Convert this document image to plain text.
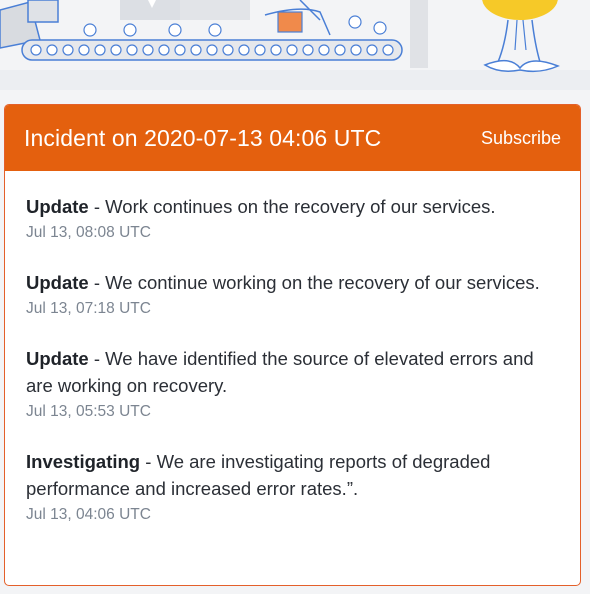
Incident on 2020-07-13 04:06 UTC	Subscribe
Update - Work continues on the recovery of our services.
Jul 13, 08:08 UTC
Update - We continue working on the recovery of our services.
Jul 13, 07:18 UTC
Update - We have identified the source of elevated errors and are working on recovery.
Jul 13, 05:53 UTC
Investigating - We are investigating reports of degraded performance and increased error rates.”.
Jul 13, 04:06 UTC
